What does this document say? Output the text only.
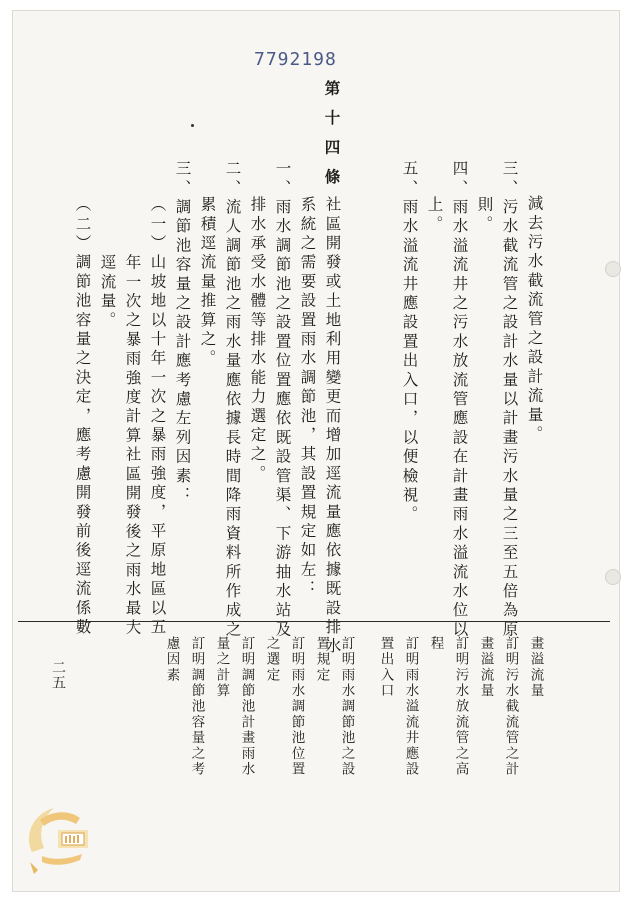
7792198
減去污水截流管之設計流量。
三、污水截流管之設計水量以計畫污水量之三至五倍為原
則。
四、雨水溢流井之污水放流管應設在計畫雨水溢流水位以
上。
五、雨水溢流井應設置出入口，以便檢視。
第十四條
社區開發或土地利用變更而增加逕流量應依據既設排水
系統之需要設置雨水調節池，其設置規定如左：
一、雨水調節池之設置位置應依既設管渠、下游抽水站及
排水承受水體等排水能力選定之。
二、流人調節池之雨水量應依據長時間降雨資料所作成之
累積逕流量推算之。
三、調節池容量之設計應考慮左列因素：
（一）山坡地以十年一次之暴雨強度，平原地區以五
年一次之暴雨強度計算社區開發後之雨水最大
逕流量。
（二）調節池容量之決定，應考慮開發前後逕流係數
畫溢流量
訂明污水截流管之計
畫溢流量
訂明污水放流管之高
程
訂明雨水溢流井應設
置出入口
訂明雨水調節池之設
置規定
訂明雨水調節池位置
之選定
訂明調節池計畫雨水
量之計算
訂明調節池容量之考
慮因素
二五
